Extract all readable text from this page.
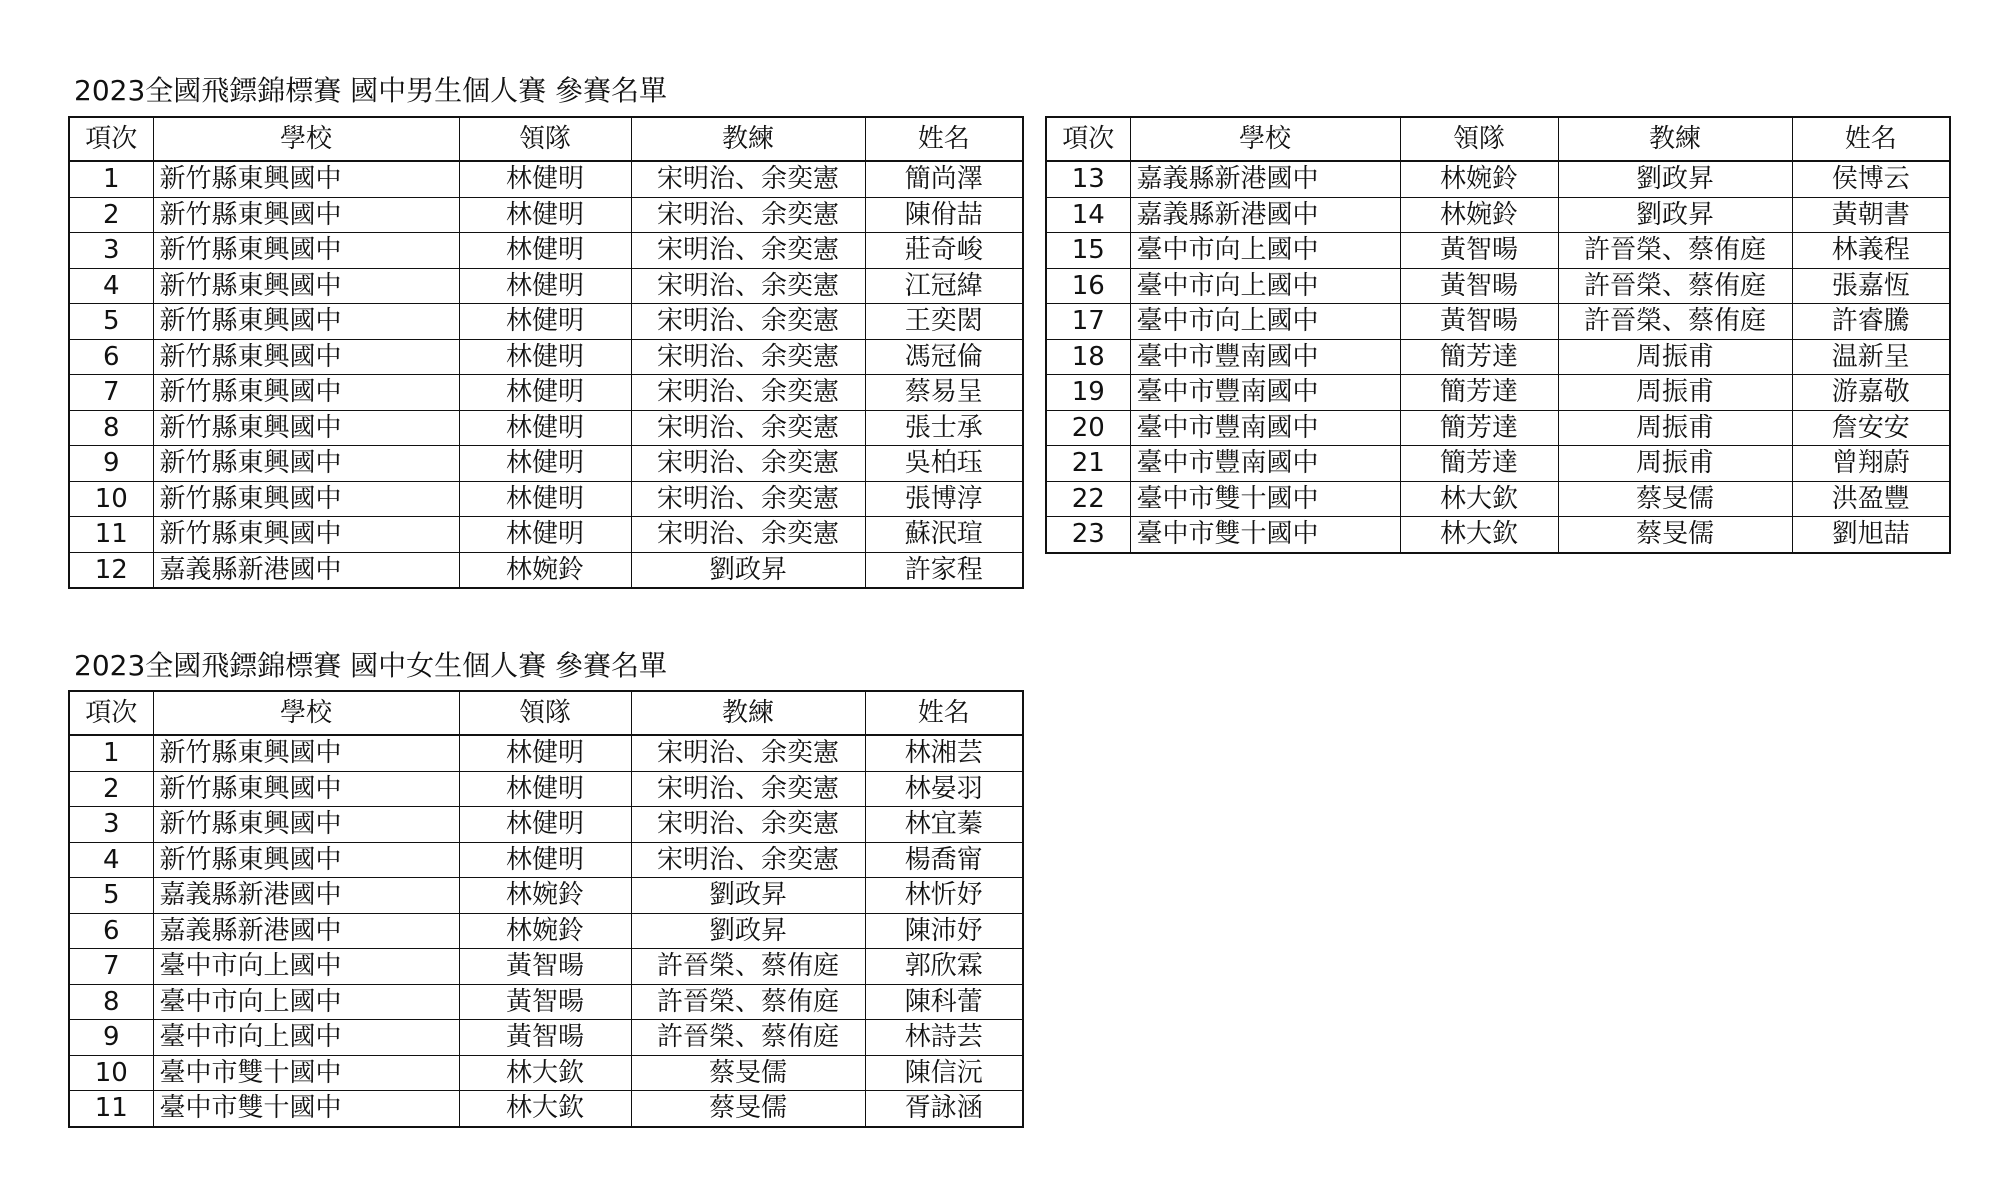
2023全國飛鏢錦標賽 國中男生個人賽 參賽名單
項次	學校	領隊	教練	姓名
1	新竹縣東興國中	林健明	宋明治、余奕憲	簡尚澤
2	新竹縣東興國中	林健明	宋明治、余奕憲	陳佾喆
3	新竹縣東興國中	林健明	宋明治、余奕憲	莊奇峻
4	新竹縣東興國中	林健明	宋明治、余奕憲	江冠緯
5	新竹縣東興國中	林健明	宋明治、余奕憲	王奕閎
6	新竹縣東興國中	林健明	宋明治、余奕憲	馮冠倫
7	新竹縣東興國中	林健明	宋明治、余奕憲	蔡易呈
8	新竹縣東興國中	林健明	宋明治、余奕憲	張士承
9	新竹縣東興國中	林健明	宋明治、余奕憲	吳柏珏
10	新竹縣東興國中	林健明	宋明治、余奕憲	張博淳
11	新竹縣東興國中	林健明	宋明治、余奕憲	蘇泯瑄
12	嘉義縣新港國中	林婉鈴	劉政昇	許家程
項次	學校	領隊	教練	姓名
13	嘉義縣新港國中	林婉鈴	劉政昇	侯博云
14	嘉義縣新港國中	林婉鈴	劉政昇	黃朝書
15	臺中市向上國中	黃智暘	許晉榮、蔡侑庭	林義程
16	臺中市向上國中	黃智暘	許晉榮、蔡侑庭	張嘉恆
17	臺中市向上國中	黃智暘	許晉榮、蔡侑庭	許睿騰
18	臺中市豐南國中	簡芳達	周振甫	温新呈
19	臺中市豐南國中	簡芳達	周振甫	游嘉敬
20	臺中市豐南國中	簡芳達	周振甫	詹安安
21	臺中市豐南國中	簡芳達	周振甫	曾翔蔚
22	臺中市雙十國中	林大欽	蔡旻儒	洪盈豐
23	臺中市雙十國中	林大欽	蔡旻儒	劉旭喆
2023全國飛鏢錦標賽 國中女生個人賽 參賽名單
項次	學校	領隊	教練	姓名
1	新竹縣東興國中	林健明	宋明治、余奕憲	林湘芸
2	新竹縣東興國中	林健明	宋明治、余奕憲	林晏羽
3	新竹縣東興國中	林健明	宋明治、余奕憲	林宜蓁
4	新竹縣東興國中	林健明	宋明治、余奕憲	楊喬甯
5	嘉義縣新港國中	林婉鈴	劉政昇	林忻妤
6	嘉義縣新港國中	林婉鈴	劉政昇	陳沛妤
7	臺中市向上國中	黃智暘	許晉榮、蔡侑庭	郭欣霖
8	臺中市向上國中	黃智暘	許晉榮、蔡侑庭	陳科蕾
9	臺中市向上國中	黃智暘	許晉榮、蔡侑庭	林詩芸
10	臺中市雙十國中	林大欽	蔡旻儒	陳信沅
11	臺中市雙十國中	林大欽	蔡旻儒	胥詠涵
